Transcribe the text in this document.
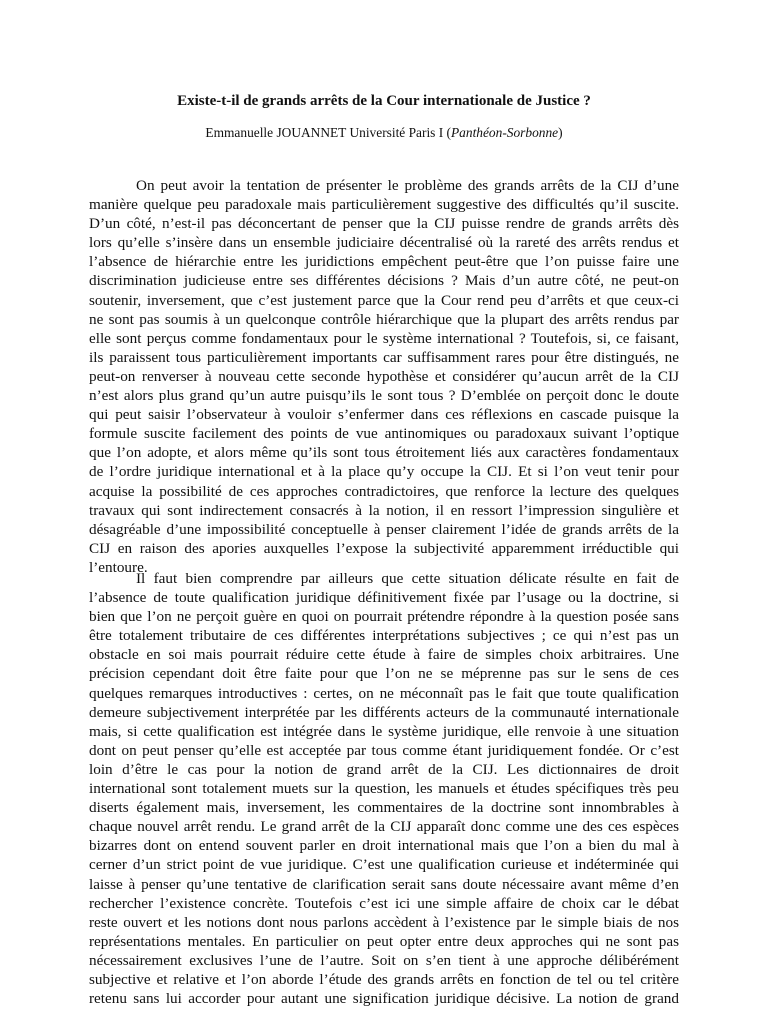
Existe-t-il de grands arrêts de la Cour internationale de Justice ?
Emmanuelle JOUANNET Université Paris I (Panthéon-Sorbonne)
On peut avoir la tentation de présenter le problème des grands arrêts de la CIJ d’une
manière quelque peu paradoxale mais particulièrement suggestive des difficultés qu’il suscite.
D’un côté, n’est-il pas déconcertant de penser que la CIJ puisse rendre de grands arrêts dès
lors qu’elle s’insère dans un ensemble judiciaire décentralisé où la rareté des arrêts rendus et
l’absence de hiérarchie entre les juridictions empêchent peut-être que l’on puisse faire une
discrimination judicieuse entre ses différentes décisions ? Mais d’un autre côté, ne peut-on
soutenir, inversement, que c’est justement parce que la Cour rend peu d’arrêts et que ceux-ci
ne sont pas soumis à un quelconque contrôle hiérarchique que la plupart des arrêts rendus par
elle sont perçus comme fondamentaux pour le système international ? Toutefois, si, ce faisant,
ils paraissent tous particulièrement importants car suffisamment rares pour être distingués, ne
peut-on renverser à nouveau cette seconde hypothèse et considérer qu’aucun arrêt de la CIJ
n’est alors plus grand qu’un autre puisqu’ils le sont tous ? D’emblée on perçoit donc le doute
qui peut saisir l’observateur à vouloir s’enfermer dans ces réflexions en cascade puisque la
formule suscite facilement des points de vue antinomiques ou paradoxaux suivant l’optique
que l’on adopte, et alors même qu’ils sont tous étroitement liés aux caractères fondamentaux
de l’ordre juridique international et à la place qu’y occupe la CIJ. Et si l’on veut tenir pour
acquise la possibilité de ces approches contradictoires, que renforce la lecture des quelques
travaux qui sont indirectement consacrés à la notion, il en ressort l’impression singulière et
désagréable d’une impossibilité conceptuelle à penser clairement l’idée de grands arrêts de la
CIJ en raison des apories auxquelles l’expose la subjectivité apparemment irréductible qui
l’entoure.
Il faut bien comprendre par ailleurs que cette situation délicate résulte en fait de
l’absence de toute qualification juridique définitivement fixée par l’usage ou la doctrine, si
bien que l’on ne perçoit guère en quoi on pourrait prétendre répondre à la question posée sans
être totalement tributaire de ces différentes interprétations subjectives ; ce qui n’est pas un
obstacle en soi mais pourrait réduire cette étude à faire de simples choix arbitraires. Une
précision cependant doit être faite pour que l’on ne se méprenne pas sur le sens de ces
quelques remarques introductives : certes, on ne méconnaît pas le fait que toute qualification
demeure subjectivement interprétée par les différents acteurs de la communauté internationale
mais, si cette qualification est intégrée dans le système juridique, elle renvoie à une situation
dont on peut penser qu’elle est acceptée par tous comme étant juridiquement fondée. Or c’est
loin d’être le cas pour la notion de grand arrêt de la CIJ. Les dictionnaires de droit
international sont totalement muets sur la question, les manuels et études spécifiques très peu
diserts également mais, inversement, les commentaires de la doctrine sont innombrables à
chaque nouvel arrêt rendu. Le grand arrêt de la CIJ apparaît donc comme une des ces espèces
bizarres dont on entend souvent parler en droit international mais que l’on a bien du mal à
cerner d’un strict point de vue juridique. C’est une qualification curieuse et indéterminée qui
laisse à penser qu’une tentative de clarification serait sans doute nécessaire avant même d’en
rechercher l’existence concrète. Toutefois c’est ici une simple affaire de choix car le débat
reste ouvert et les notions dont nous parlons accèdent à l’existence par le simple biais de nos
représentations mentales. En particulier on peut opter entre deux approches qui ne sont pas
nécessairement exclusives l’une de l’autre. Soit on s’en tient à une approche délibérément
subjective et relative et l’on aborde l’étude des grands arrêts en fonction de tel ou tel critère
retenu sans lui accorder pour autant une signification juridique décisive. La notion de grand
